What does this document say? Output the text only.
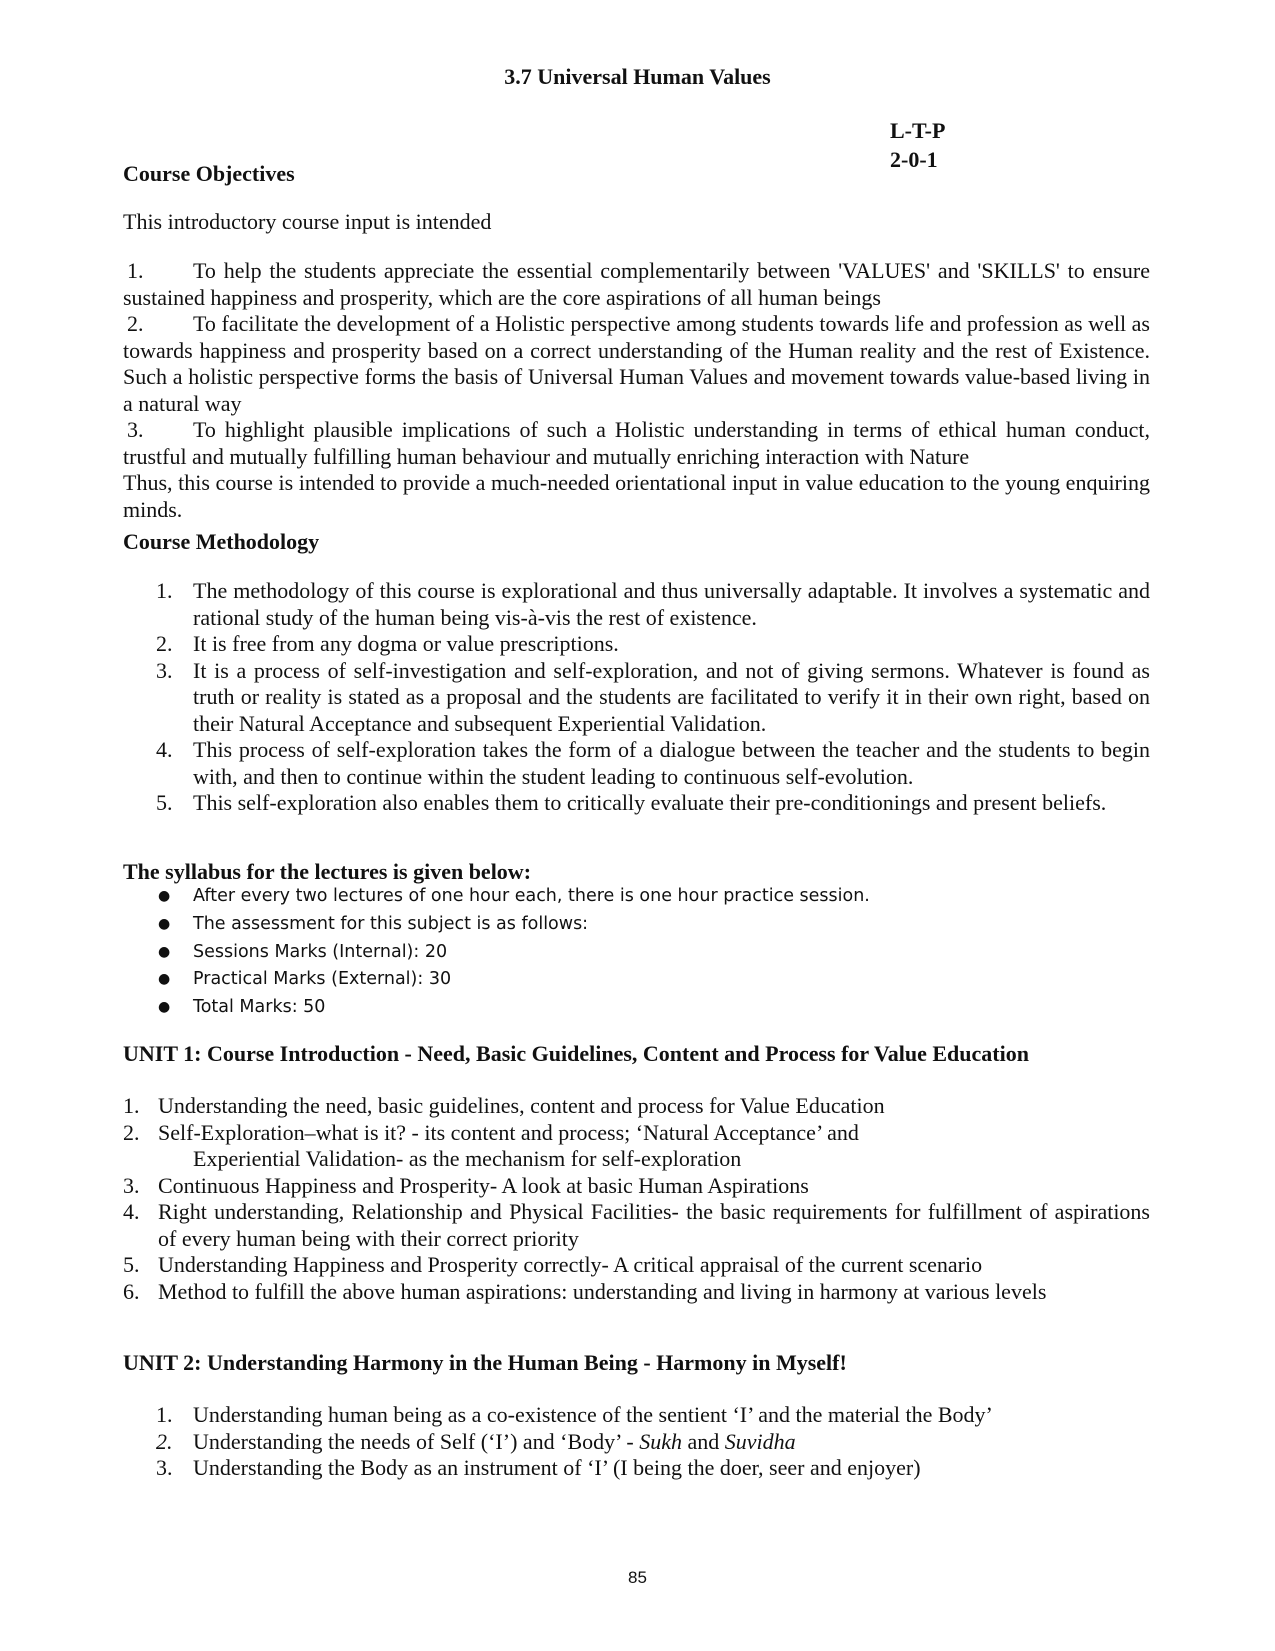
3.7 Universal Human Values
L-T-P
2-0-1
Course Objectives
This introductory course input is intended
1. To help the students appreciate the essential complementarily between 'VALUES' and 'SKILLS' to ensure sustained happiness and prosperity, which are the core aspirations of all human beings
2. To facilitate the development of a Holistic perspective among students towards life and profession as well as towards happiness and prosperity based on a correct understanding of the Human reality and the rest of Existence. Such a holistic perspective forms the basis of Universal Human Values and movement towards value-based living in a natural way
3. To highlight plausible implications of such a Holistic understanding in terms of ethical human conduct, trustful and mutually fulfilling human behaviour and mutually enriching interaction with Nature
Thus, this course is intended to provide a much-needed orientational input in value education to the young enquiring minds.
Course Methodology
1. The methodology of this course is explorational and thus universally adaptable. It involves a systematic and rational study of the human being vis-à-vis the rest of existence.
2. It is free from any dogma or value prescriptions.
3. It is a process of self-investigation and self-exploration, and not of giving sermons. Whatever is found as truth or reality is stated as a proposal and the students are facilitated to verify it in their own right, based on their Natural Acceptance and subsequent Experiential Validation.
4. This process of self-exploration takes the form of a dialogue between the teacher and the students to begin with, and then to continue within the student leading to continuous self-evolution.
5. This self-exploration also enables them to critically evaluate their pre-conditionings and present beliefs.
The syllabus for the lectures is given below:
● After every two lectures of one hour each, there is one hour practice session.
● The assessment for this subject is as follows:
● Sessions Marks (Internal): 20
● Practical Marks (External): 30
● Total Marks: 50
UNIT 1: Course Introduction - Need, Basic Guidelines, Content and Process for Value Education
1. Understanding the need, basic guidelines, content and process for Value Education
2. Self-Exploration–what is it? - its content and process; ‘Natural Acceptance’ and
Experiential Validation- as the mechanism for self-exploration
3. Continuous Happiness and Prosperity- A look at basic Human Aspirations
4. Right understanding, Relationship and Physical Facilities- the basic requirements for fulfillment of aspirations of every human being with their correct priority
5. Understanding Happiness and Prosperity correctly- A critical appraisal of the current scenario
6. Method to fulfill the above human aspirations: understanding and living in harmony at various levels
UNIT 2: Understanding Harmony in the Human Being - Harmony in Myself!
1. Understanding human being as a co-existence of the sentient ‘I’ and the material the Body’
2. Understanding the needs of Self (‘I’) and ‘Body’ - Sukh and Suvidha
3. Understanding the Body as an instrument of ‘I’ (I being the doer, seer and enjoyer)
85
